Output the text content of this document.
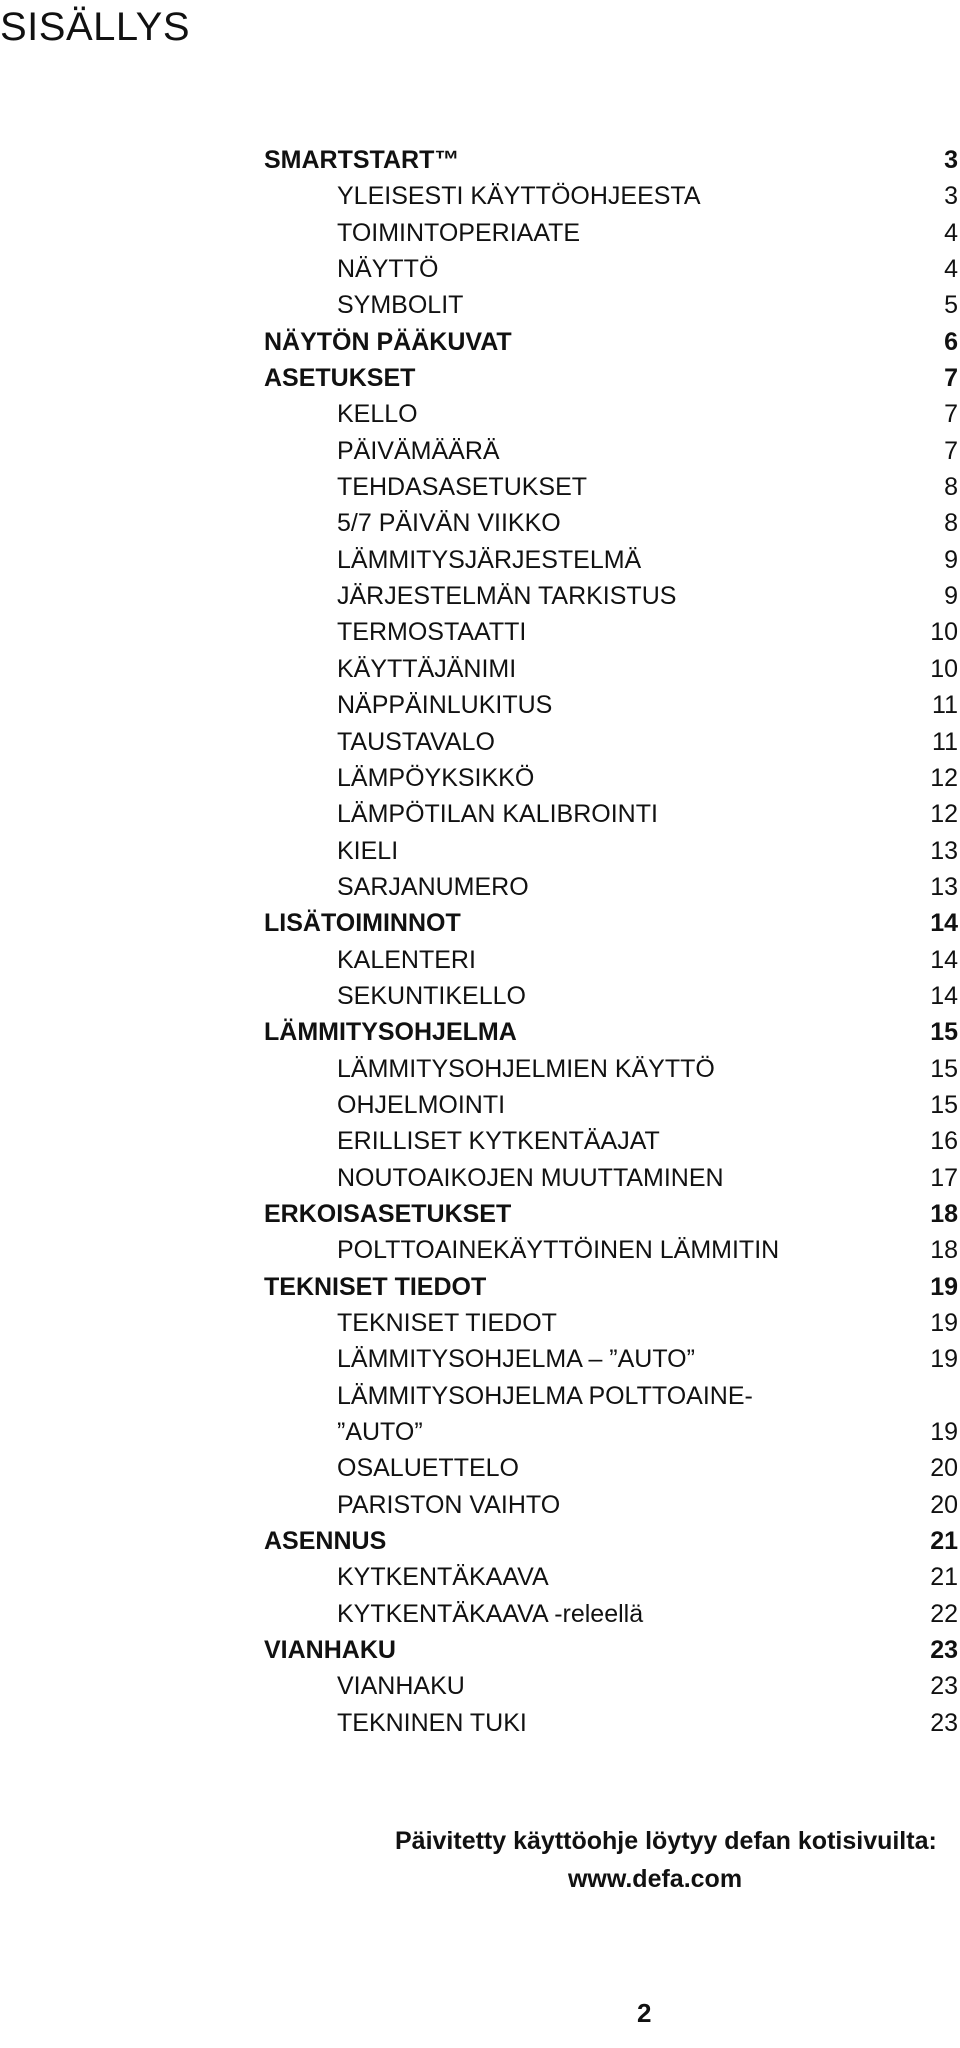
SISÄLLYS
SMARTSTART™	3
YLEISESTI KÄYTTÖOHJEESTA	3
TOIMINTOPERIAATE	4
NÄYTTÖ	4
SYMBOLIT	5
NÄYTÖN PÄÄKUVAT	6
ASETUKSET	7
KELLO	7
PÄIVÄMÄÄRÄ	7
TEHDASASETUKSET	8
5/7 PÄIVÄN VIIKKO	8
LÄMMITYSJÄRJESTELMÄ	9
JÄRJESTELMÄN TARKISTUS	9
TERMOSTAATTI	10
KÄYTTÄJÄNIMI	10
NÄPPÄINLUKITUS	11
TAUSTAVALO	11
LÄMPÖYKSIKKÖ	12
LÄMPÖTILAN KALIBROINTI	12
KIELI	13
SARJANUMERO	13
LISÄTOIMINNOT	14
KALENTERI	14
SEKUNTIKELLO	14
LÄMMITYSOHJELMA	15
LÄMMITYSOHJELMIEN KÄYTTÖ	15
OHJELMOINTI	15
ERILLISET KYTKENTÄAJAT	16
NOUTOAIKOJEN MUUTTAMINEN	17
ERKOISASETUKSET	18
POLTTOAINEKÄYTTÖINEN LÄMMITIN	18
TEKNISET TIEDOT	19
TEKNISET TIEDOT	19
LÄMMITYSOHJELMA – ”AUTO”	19
LÄMMITYSOHJELMA POLTTOAINE-
”AUTO”	19
OSALUETTELO	20
PARISTON VAIHTO	20
ASENNUS	21
KYTKENTÄKAAVA	21
KYTKENTÄKAAVA -releellä	22
VIANHAKU	23
VIANHAKU	23
TEKNINEN TUKI	23
Päivitetty käyttöohje löytyy defan kotisivuilta:
www.defa.com
2
